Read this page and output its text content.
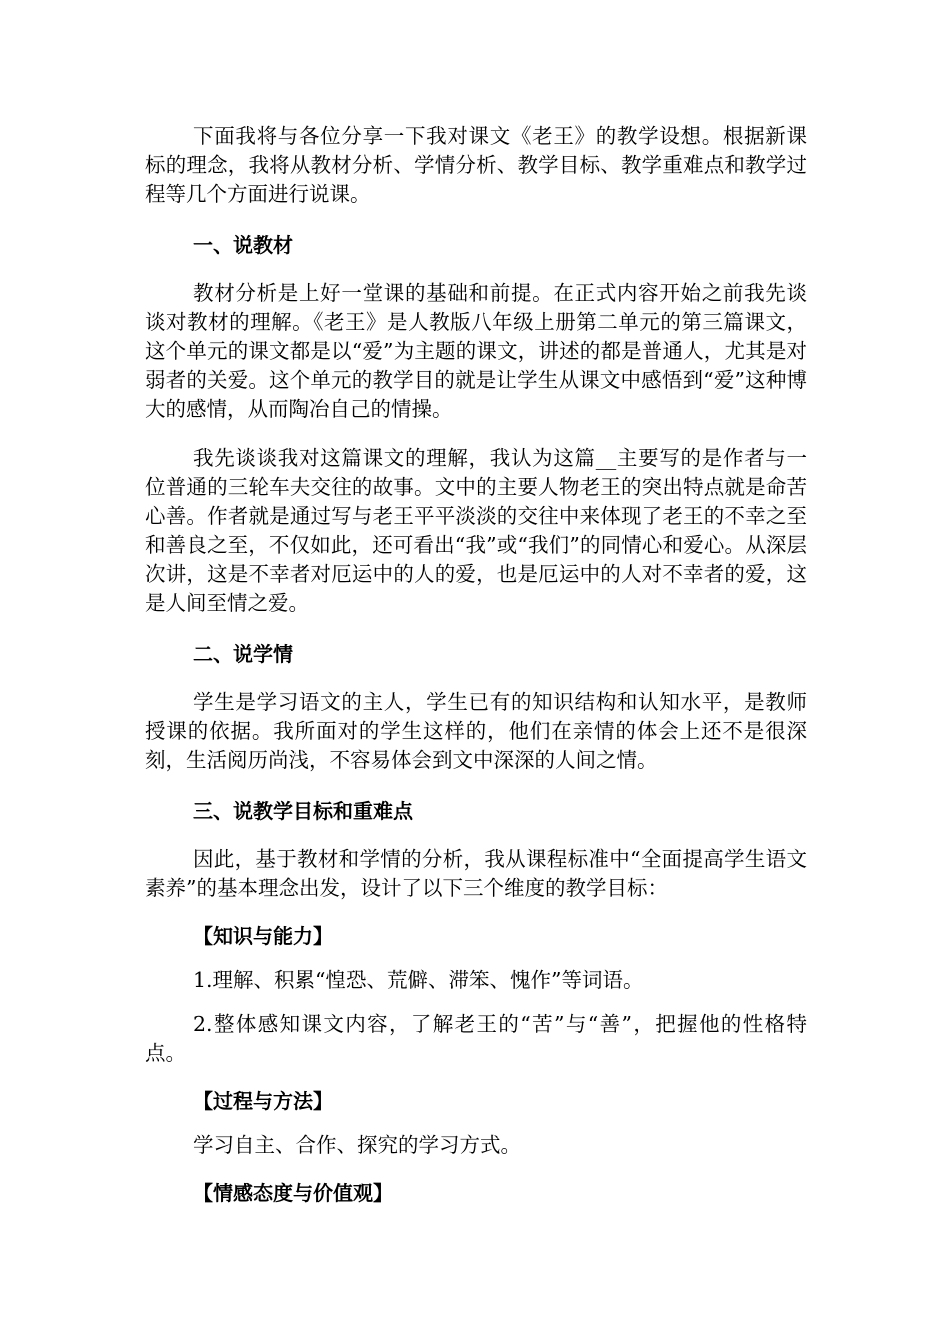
下面我将与各位分享一下我对课文《老王》的教学设想。根据新课标的理念，我将从教材分析、学情分析、教学目标、教学重难点和教学过程等几个方面进行说课。

一、说教材

教材分析是上好一堂课的基础和前提。在正式内容开始之前我先谈谈对教材的理解。《老王》是人教版八年级上册第二单元的第三篇课文，这个单元的课文都是以“爱”为主题的课文，讲述的都是普通人，尤其是对弱者的关爱。这个单元的教学目的就是让学生从课文中感悟到“爱”这种博大的感情，从而陶冶自己的情操。

我先谈谈我对这篇课文的理解，我认为这篇__主要写的是作者与一位普通的三轮车夫交往的故事。文中的主要人物老王的突出特点就是命苦心善。作者就是通过写与老王平平淡淡的交往中来体现了老王的不幸之至和善良之至，不仅如此，还可看出“我”或“我们”的同情心和爱心。从深层次讲，这是不幸者对厄运中的人的爱，也是厄运中的人对不幸者的爱，这是人间至情之爱。

二、说学情

学生是学习语文的主人，学生已有的知识结构和认知水平，是教师授课的依据。我所面对的学生这样的，他们在亲情的体会上还不是很深刻，生活阅历尚浅，不容易体会到文中深深的人间之情。

三、说教学目标和重难点

因此，基于教材和学情的分析，我从课程标准中“全面提高学生语文素养”的基本理念出发，设计了以下三个维度的教学目标：

【知识与能力】

1.理解、积累“惶恐、荒僻、滞笨、愧作”等词语。

2.整体感知课文内容，了解老王的“苦”与“善”，把握他的性格特点。

【过程与方法】

学习自主、合作、探究的学习方式。

【情感态度与价值观】
